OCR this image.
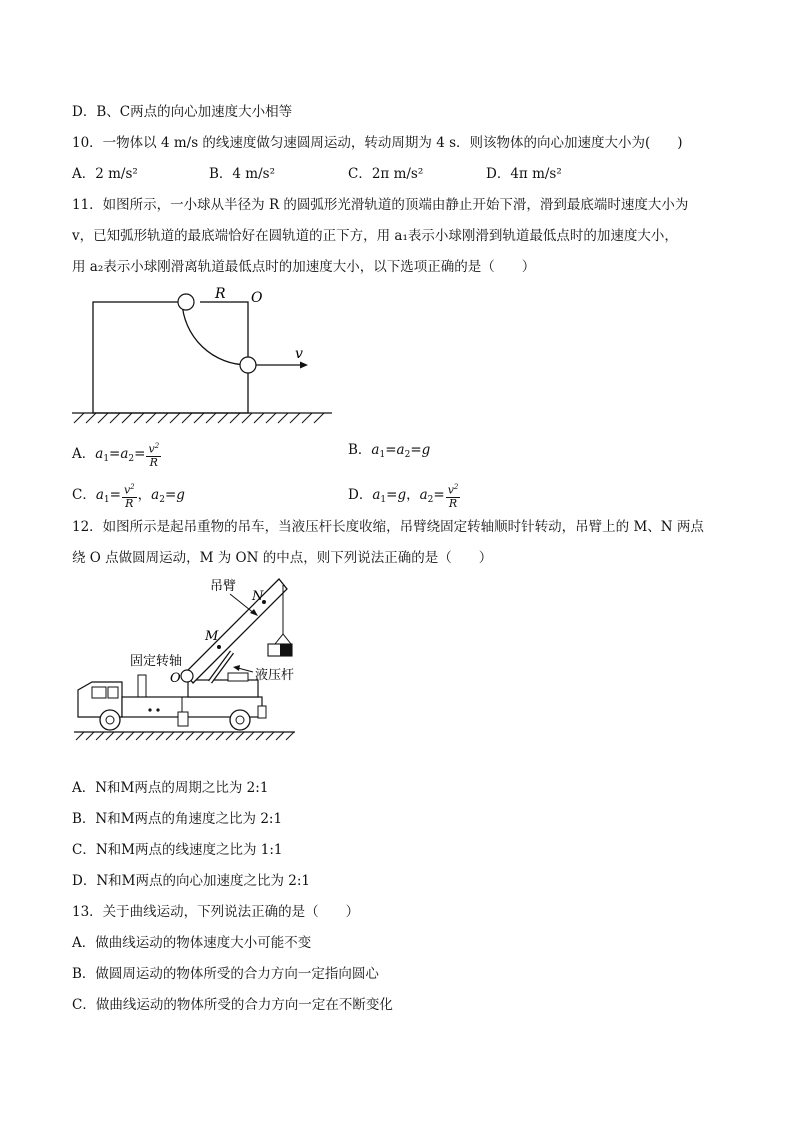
D．B、C两点的向心加速度大小相等
10．一物体以 4 m/s 的线速度做匀速圆周运动，转动周期为 4 s．则该物体的向心加速度大小为(　　)
A．2 m/s²	B．4 m/s²	C．2π m/s²	D．4π m/s²
11．如图所示，一小球从半径为 R 的圆弧形光滑轨道的顶端由静止开始下滑，滑到最底端时速度大小为
v，已知弧形轨道的最底端恰好在圆轨道的正下方，用 a₁表示小球刚滑到轨道最低点时的加速度大小，
用 a₂表示小球刚滑离轨道最低点时的加速度大小，以下选项正确的是（　　）
R O
v
A．$a_1=a_2= \frac{v^2}{R}$	B．$a_1=a_2=g$
C．$a_1= \frac{v^2}{R}$ ，$a_2=g$	D．$a_1=g$，$a_2= \frac{v^2}{R}$
12．如图所示是起吊重物的吊车，当液压杆长度收缩，吊臂绕固定转轴顺时针转动，吊臂上的 M、N 两点
绕 O 点做圆周运动，M 为 ON 的中点，则下列说法正确的是（　　）
吊臂
固定转轴
液压杆
N
M
O
A．N和M两点的周期之比为 2:1
B．N和M两点的角速度之比为 2:1
C．N和M两点的线速度之比为 1:1
D．N和M两点的向心加速度之比为 2:1
13．关于曲线运动，下列说法正确的是（　　）
A．做曲线运动的物体速度大小可能不变
B．做圆周运动的物体所受的合力方向一定指向圆心
C．做曲线运动的物体所受的合力方向一定在不断变化
